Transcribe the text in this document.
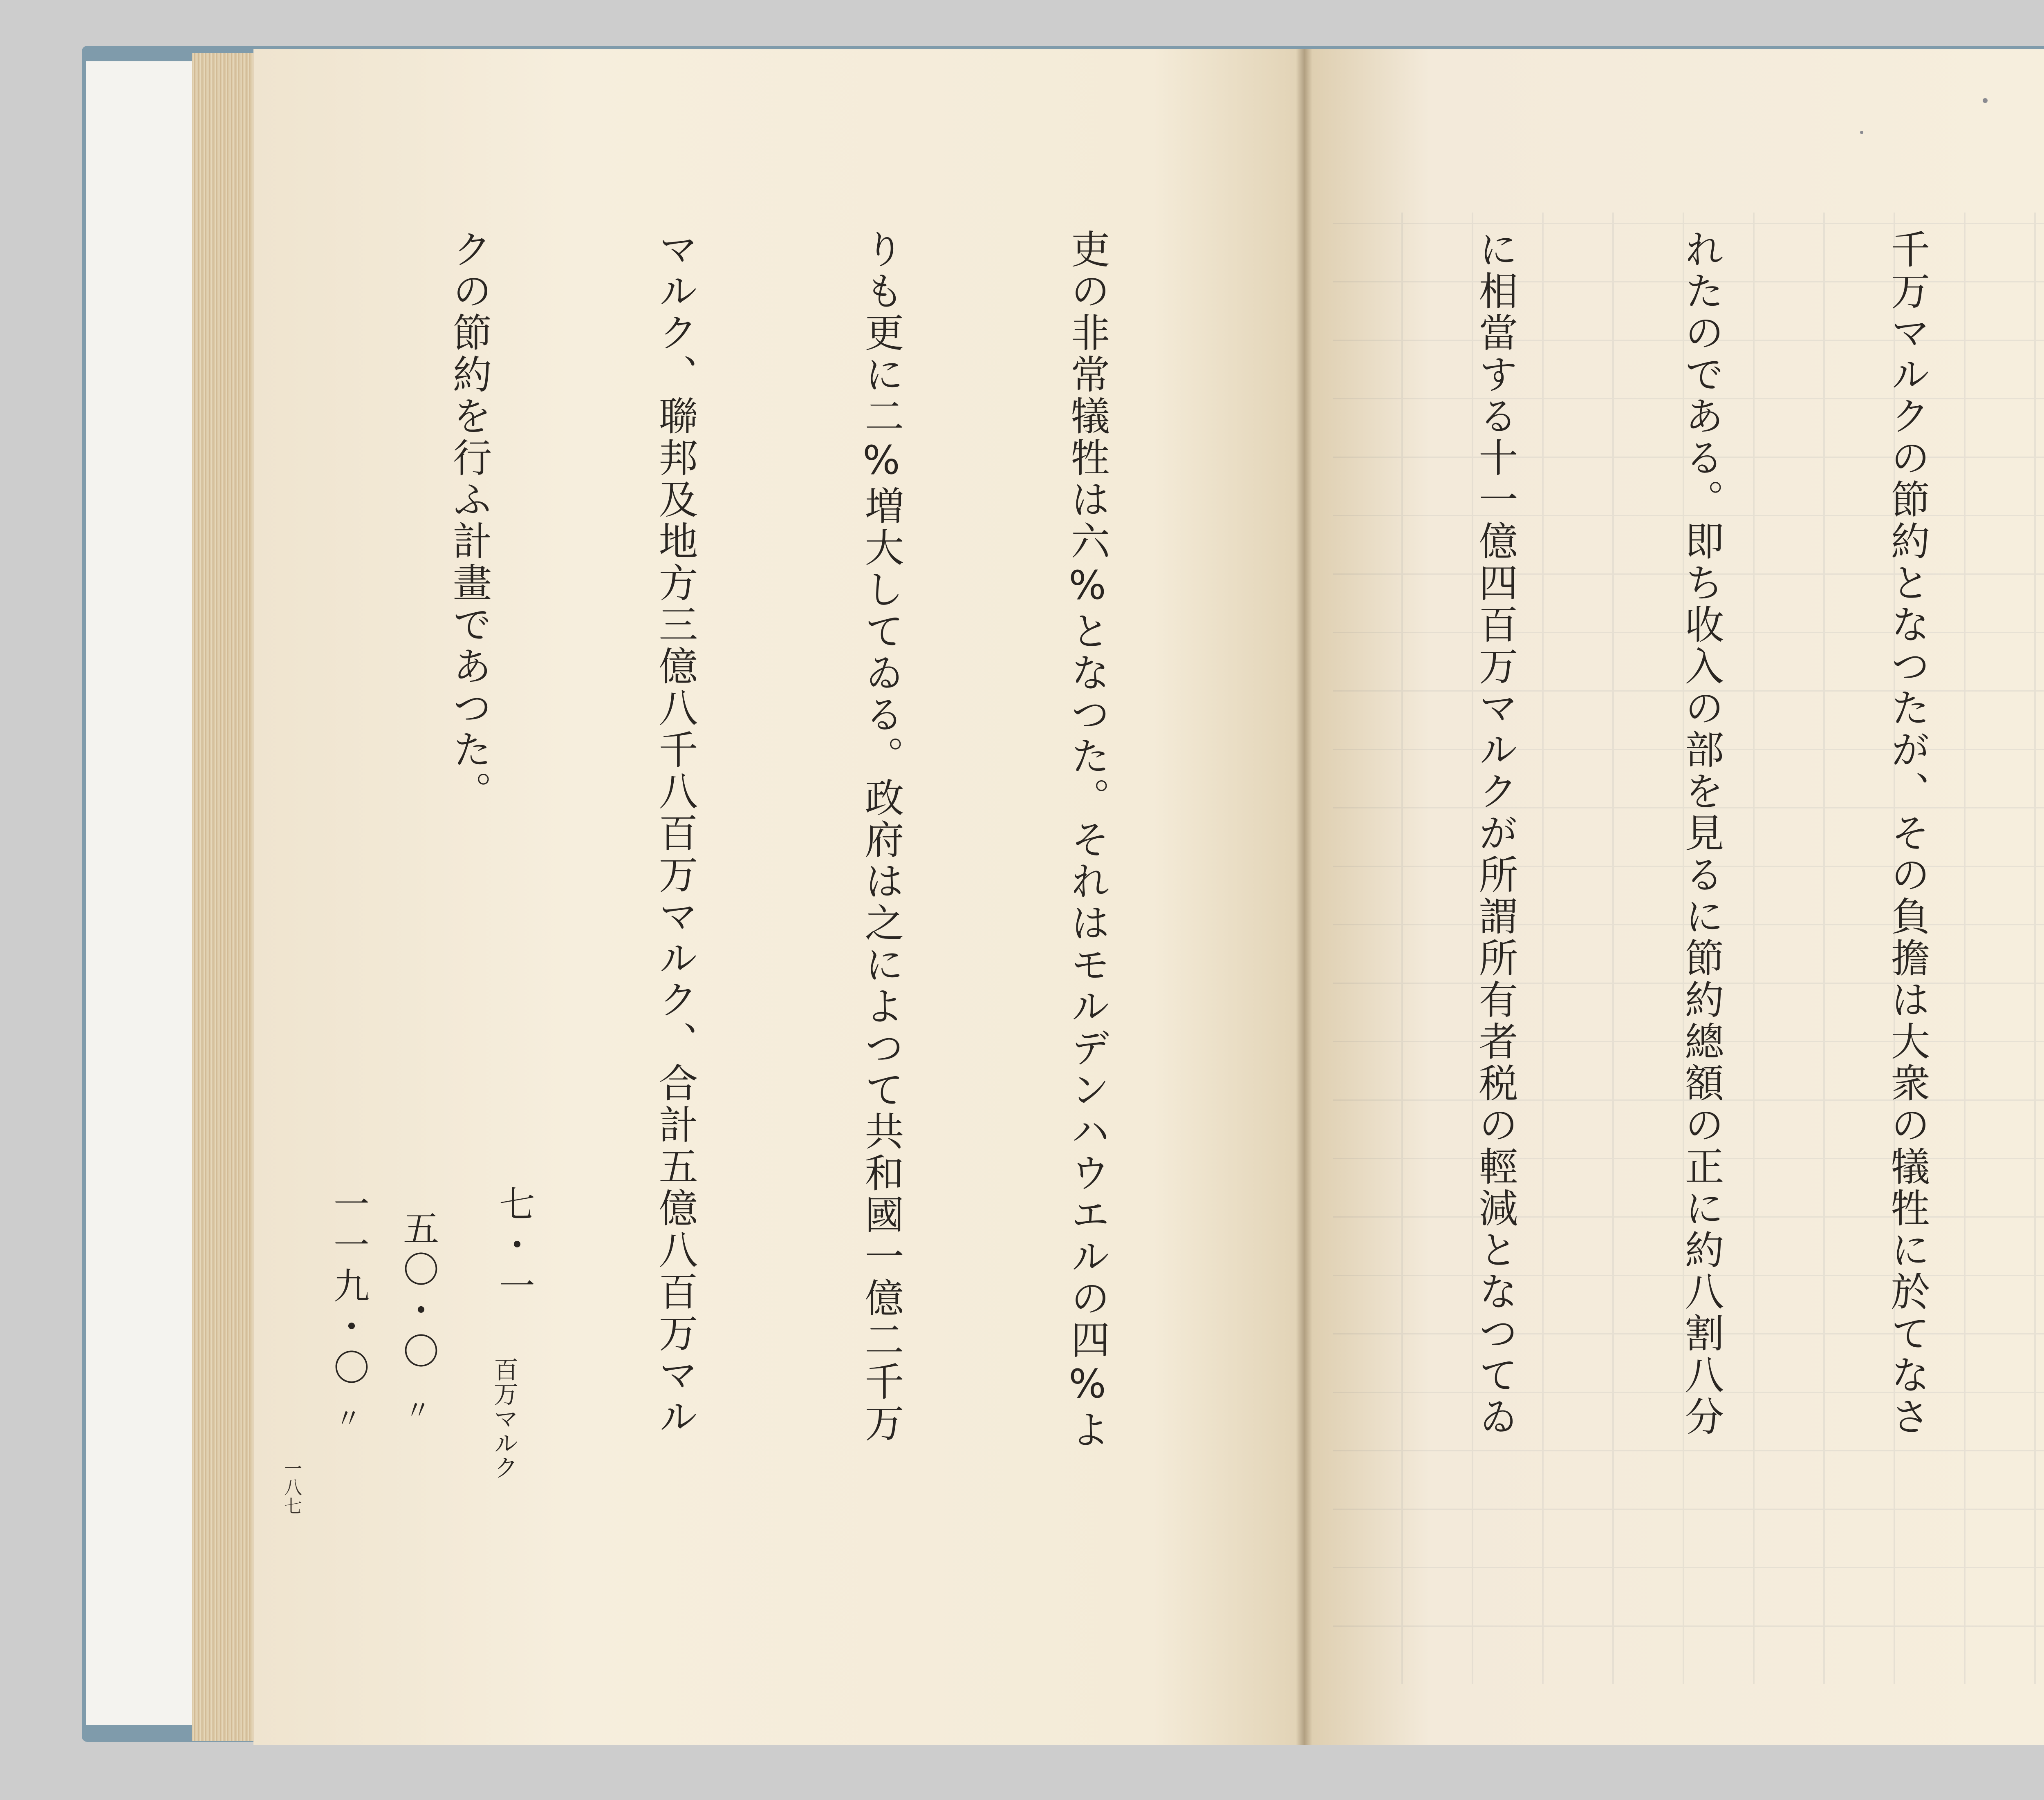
千万マルクの節約となつたが、その負擔は大衆の犠牲に於てなさ

れたのである。即ち收入の部を見るに節約總額の正に約八割八分

に相當する十一億四百万マルクが所謂所有者税の輕減となつてゐ

吏の非常犠牲は六%となつた。それはモルデンハウエルの四%よ

りも更に二%増大してゐる。政府は之によつて共和國一億二千万

マルク、聯邦及地方三億八千八百万マルク、合計五億八百万マル

クの節約を行ふ計畫であつた。

七・一
五〇・〇
一一九・〇
百万マルク
〃
〃
一八七
